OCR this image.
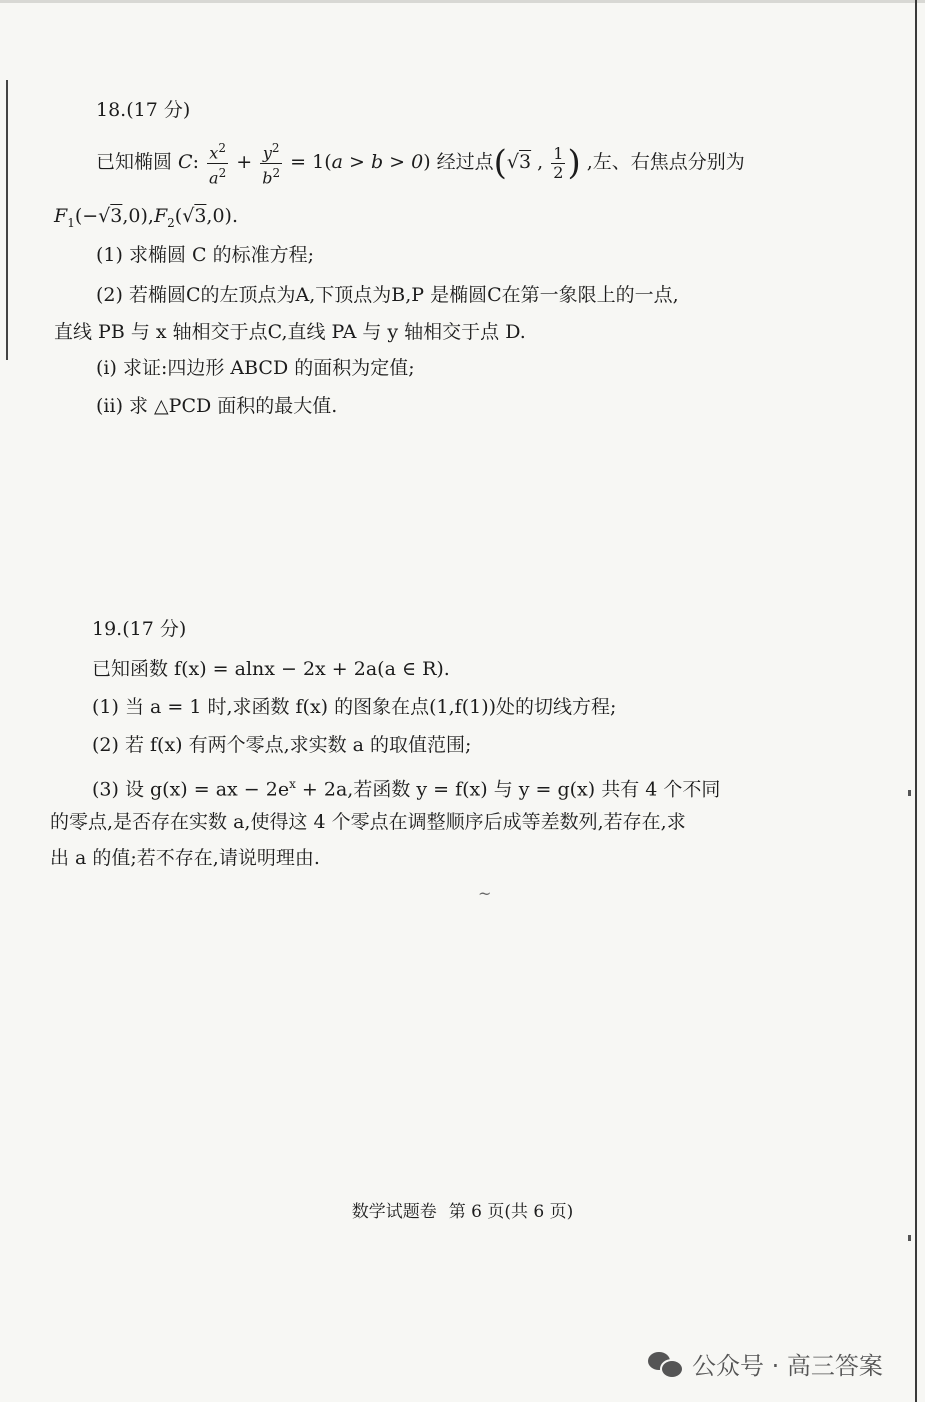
18.(17 分)
已知椭圆 C: $\frac{x^2}{a^2} + \frac{y^2}{b^2} = 1(a > b > 0)$ 经过点(√3 , $\frac{1}{2}$ ) ,左、右焦点分别为
$F_1(-√3,0),F_2(√3,0)$.
(1) 求椭圆 C 的标准方程;
(2) 若椭圆C的左顶点为A,下顶点为B,P 是椭圆C在第一象限上的一点,
直线 PB 与 x 轴相交于点C,直线 PA 与 y 轴相交于点 D.
(i) 求证:四边形 ABCD 的面积为定值;
(ii) 求 △PCD 面积的最大值.
19.(17 分)
已知函数 f(x) = alnx − 2x + 2a(a ∈ R).
(1) 当 a = 1 时,求函数 f(x) 的图象在点(1,f(1))处的切线方程;
(2) 若 f(x) 有两个零点,求实数 a 的取值范围;
(3) 设 g(x) = ax − $2e^x + 2a$,若函数 y = f(x) 与 y = g(x) 共有 4 个不同
的零点,是否存在实数 a,使得这 4 个零点在调整顺序后成等差数列,若存在,求
出 a 的值;若不存在,请说明理由.
~
数学试题卷 第 6 页(共 6 页)
公众号 · 高三答案
